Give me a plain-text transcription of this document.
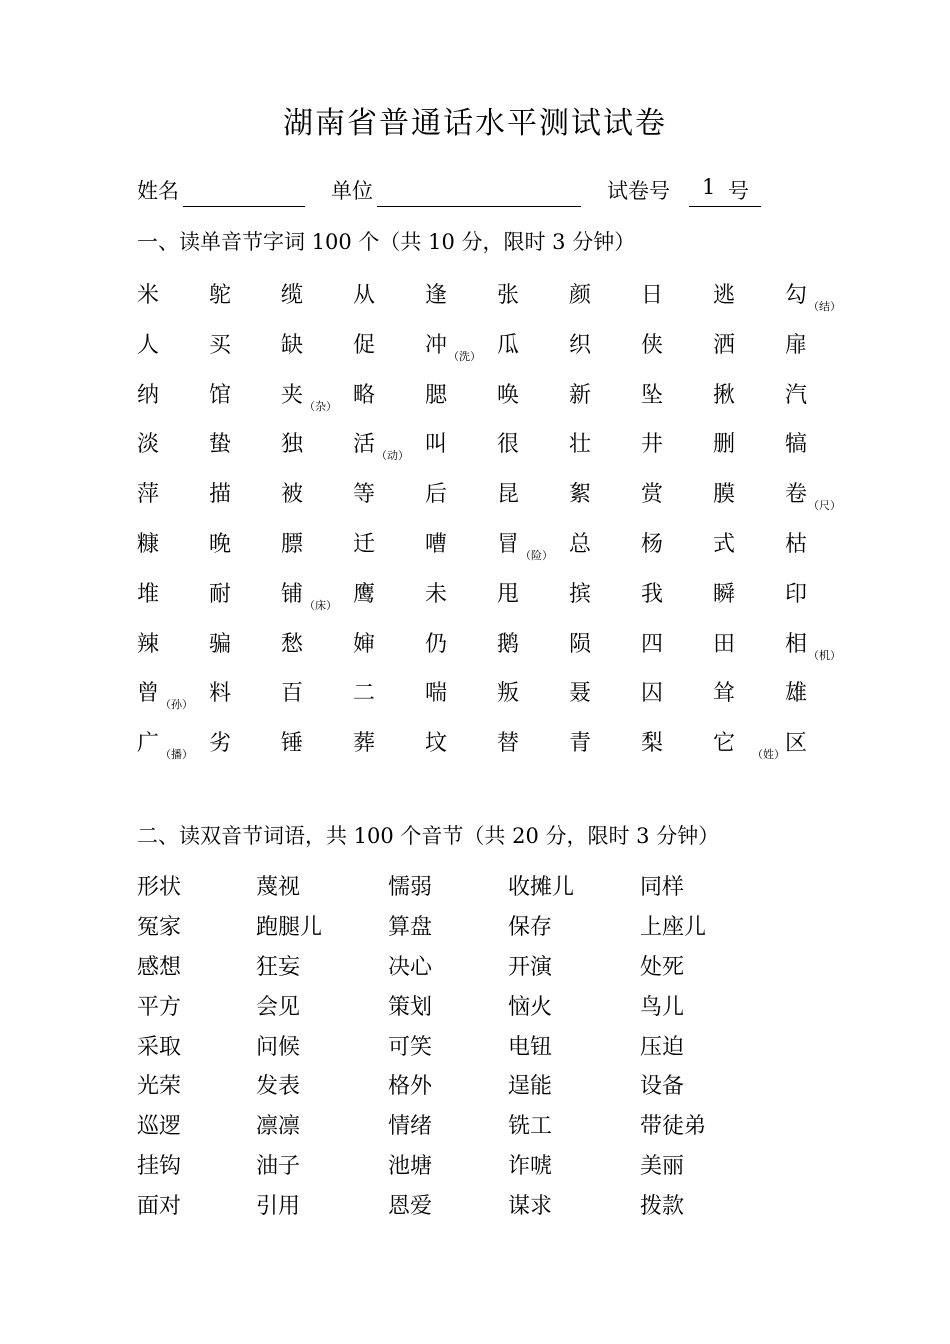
湖南省普通话水平测试试卷
姓名	单位	试卷号 1 号
一、读单音节字词 100 个（共 10 分，限时 3 分钟）
米 鸵 缆 从 逢 张 颜 日 逃 勾$_{(结)}$
人 买 缺 促 冲$_{(洗)}$ 瓜 织 侠 洒 扉
纳 馆 夹$_{(杂)}$ 略 腮 唤 新 坠 揪 汽
淡 蛰 独 活$_{(动)}$ 叫 很 壮 井 删 犒
萍 描 被 等 后 昆 絮 赏 膜 卷$_{(尺)}$
糠 晚 膘 迁 嘈 冒$_{(险)}$ 总 杨 式 枯
堆 耐 铺$_{(床)}$ 鹰 未 甩 摈 我 瞬 印
辣 骗 愁 婶 仍 鹅 陨 四 田 相$_{(机)}$
曾$_{(孙)}$ 料 百 二 喘 叛 聂 囚 耸 雄
广$_{(播)}$ 劣 锤 葬 坟 替 青 梨 它 $_{(姓)}$区
二、读双音节词语，共 100 个音节（共 20 分，限时 3 分钟）
形状	蔑视	懦弱	收摊儿	同样
冤家	跑腿儿	算盘	保存	上座儿
感想	狂妄	决心	开演	处死
平方	会见	策划	恼火	鸟儿
采取	问候	可笑	电钮	压迫
光荣	发表	格外	逞能	设备
巡逻	凛凛	情绪	铣工	带徒弟
挂钩	油子	池塘	诈唬	美丽
面对	引用	恩爱	谋求	拨款
